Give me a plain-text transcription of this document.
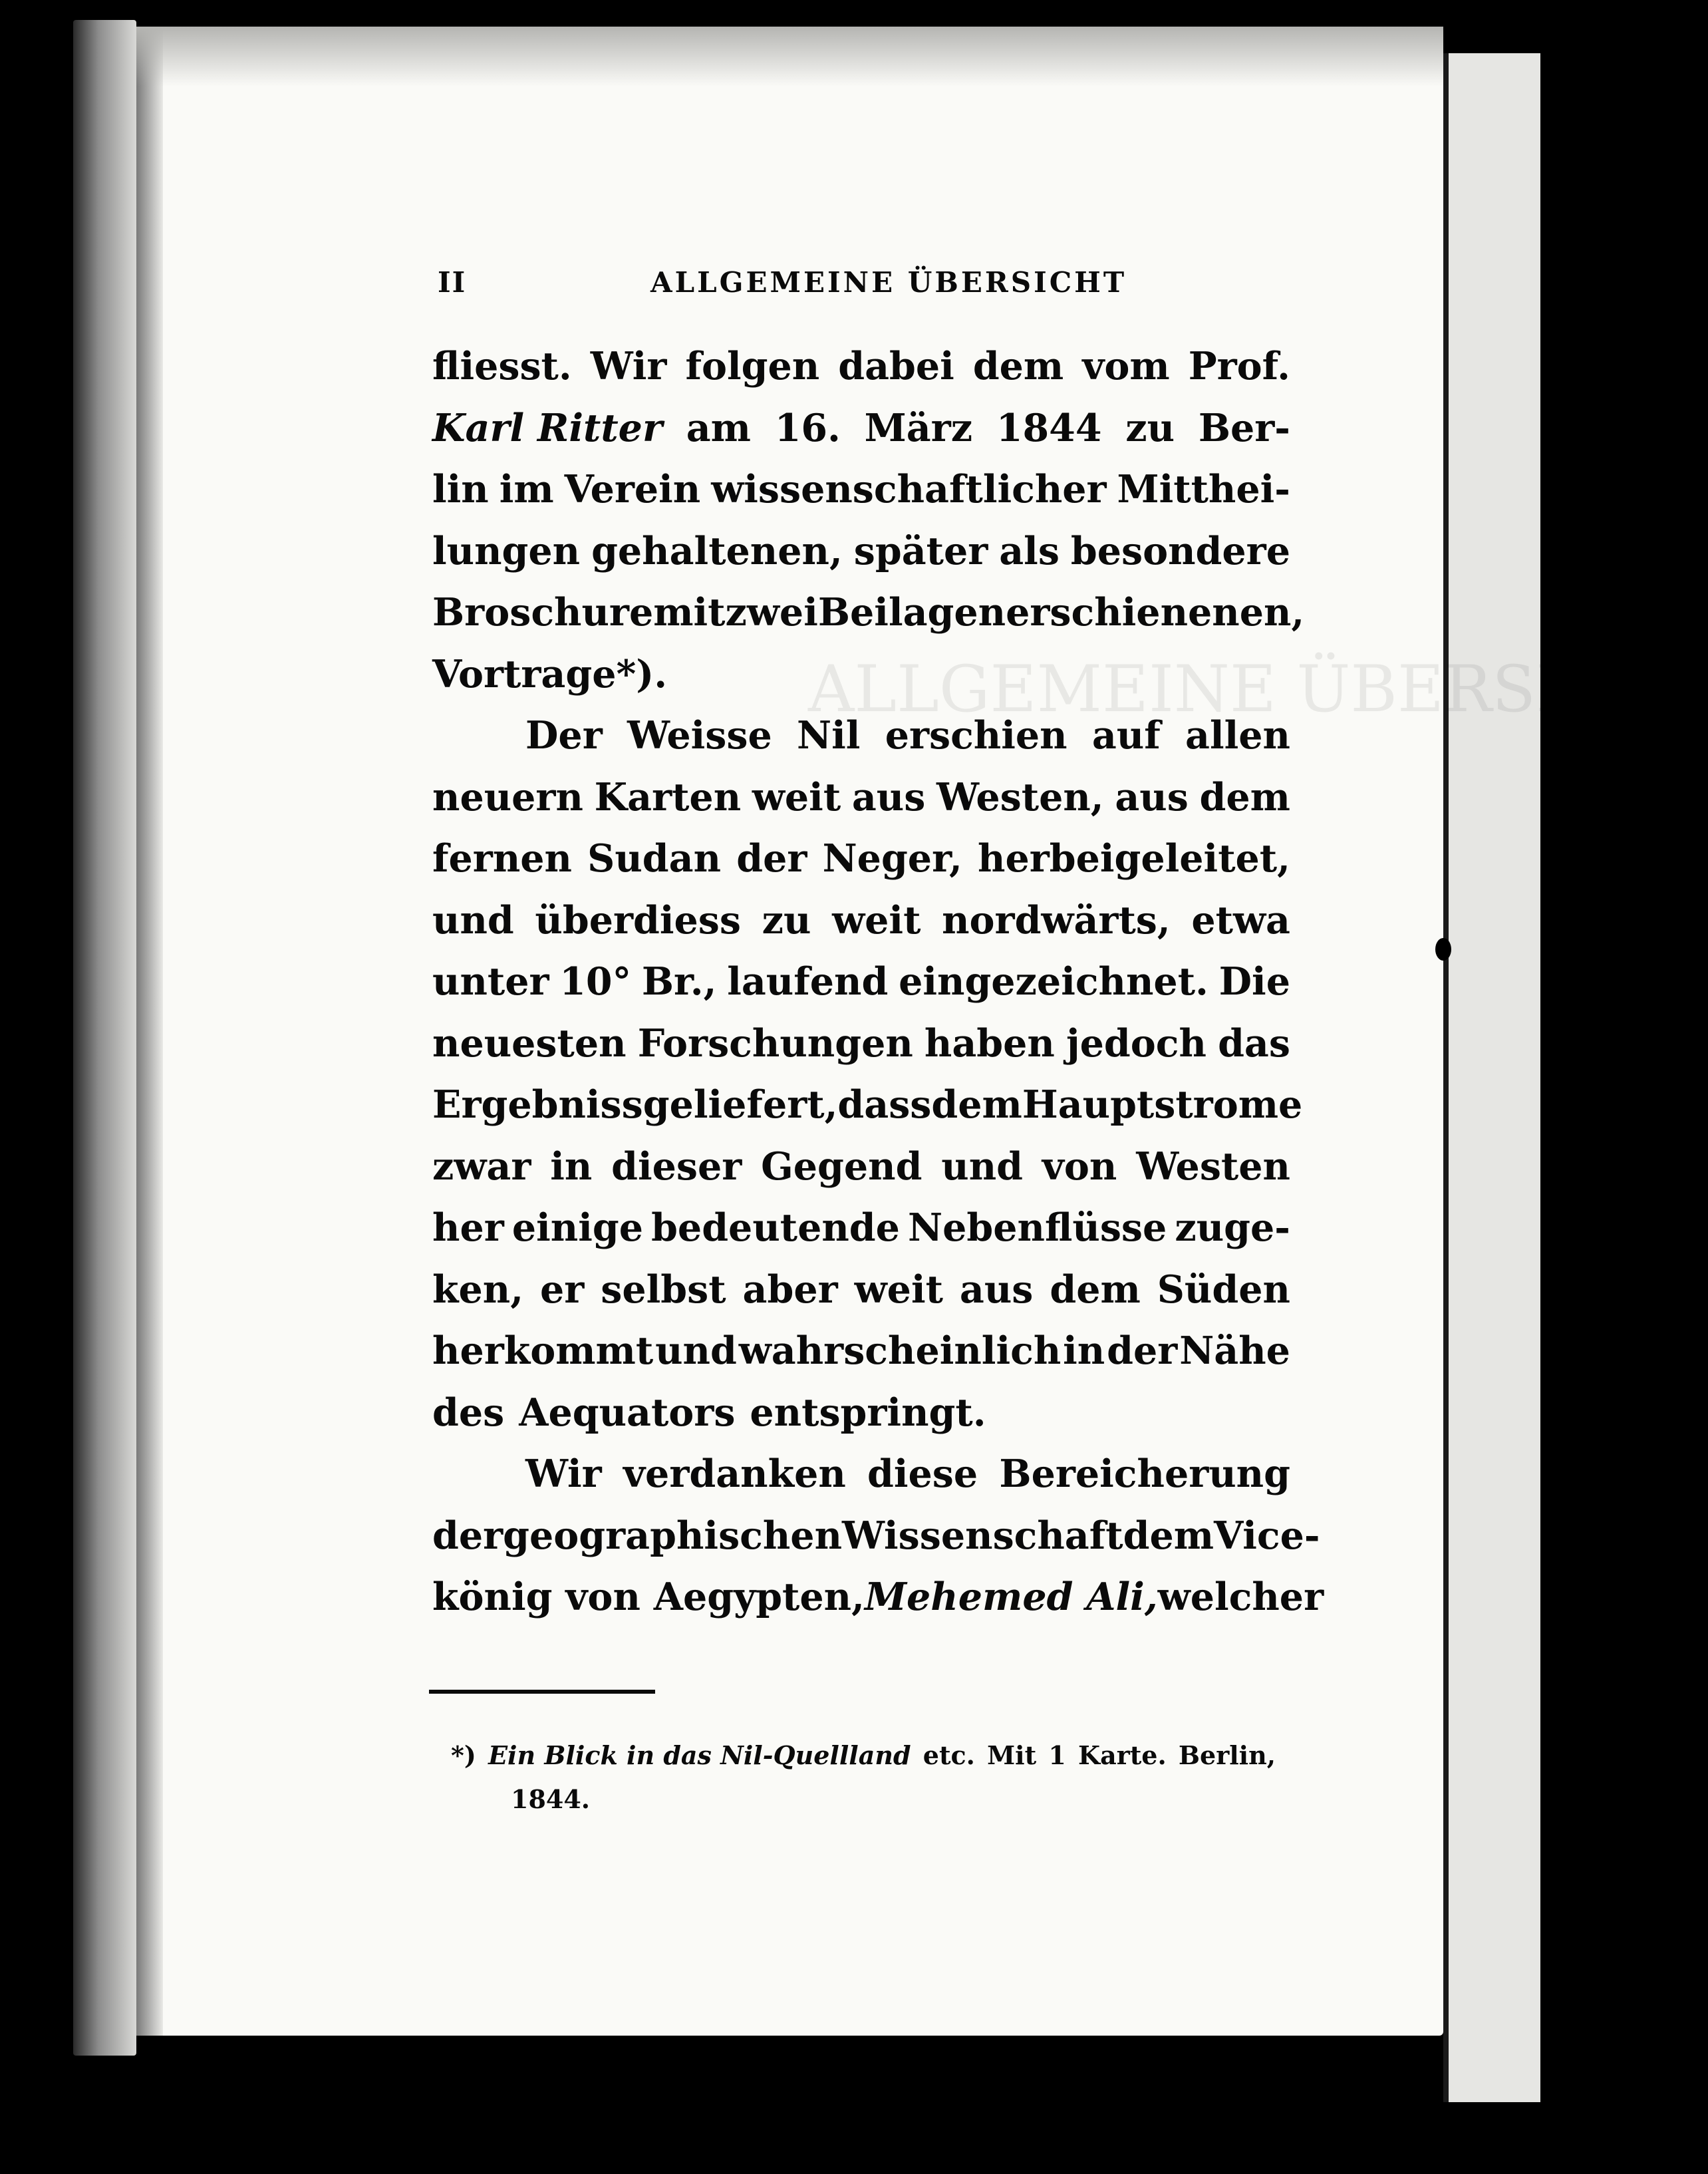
ALLGEMEINE ÜBERSICHT
II	ALLGEMEINE ÜBERSICHT
fliesst. Wir folgen dabei dem vom Prof.
Karl Ritter am 16. März 1844 zu Ber-
lin im Verein wissenschaftlicher Mitthei-
lungen gehaltenen, später als besondere
Broschure mit zwei Beilagen erschienenen,
Vortrage*).
Der Weisse Nil erschien auf allen
neuern Karten weit aus Westen, aus dem
fernen Sudan der Neger, herbeigeleitet,
und überdiess zu weit nordwärts, etwa
unter 10° Br., laufend eingezeichnet. Die
neuesten Forschungen haben jedoch das
Ergebniss geliefert, dass dem Hauptstrome
zwar in dieser Gegend und von Westen
her einige bedeutende Nebenflüsse zuge-
ken, er selbst aber weit aus dem Süden
herkommt und wahrscheinlich in der Nähe
des Aequators entspringt.
Wir verdanken diese Bereicherung
der geographischen Wissenschaft dem Vice-
könig von Aegypten, Mehemed Ali, welcher
*) Ein Blick in das Nil-Quellland etc. Mit 1 Karte. Berlin,
1844.
